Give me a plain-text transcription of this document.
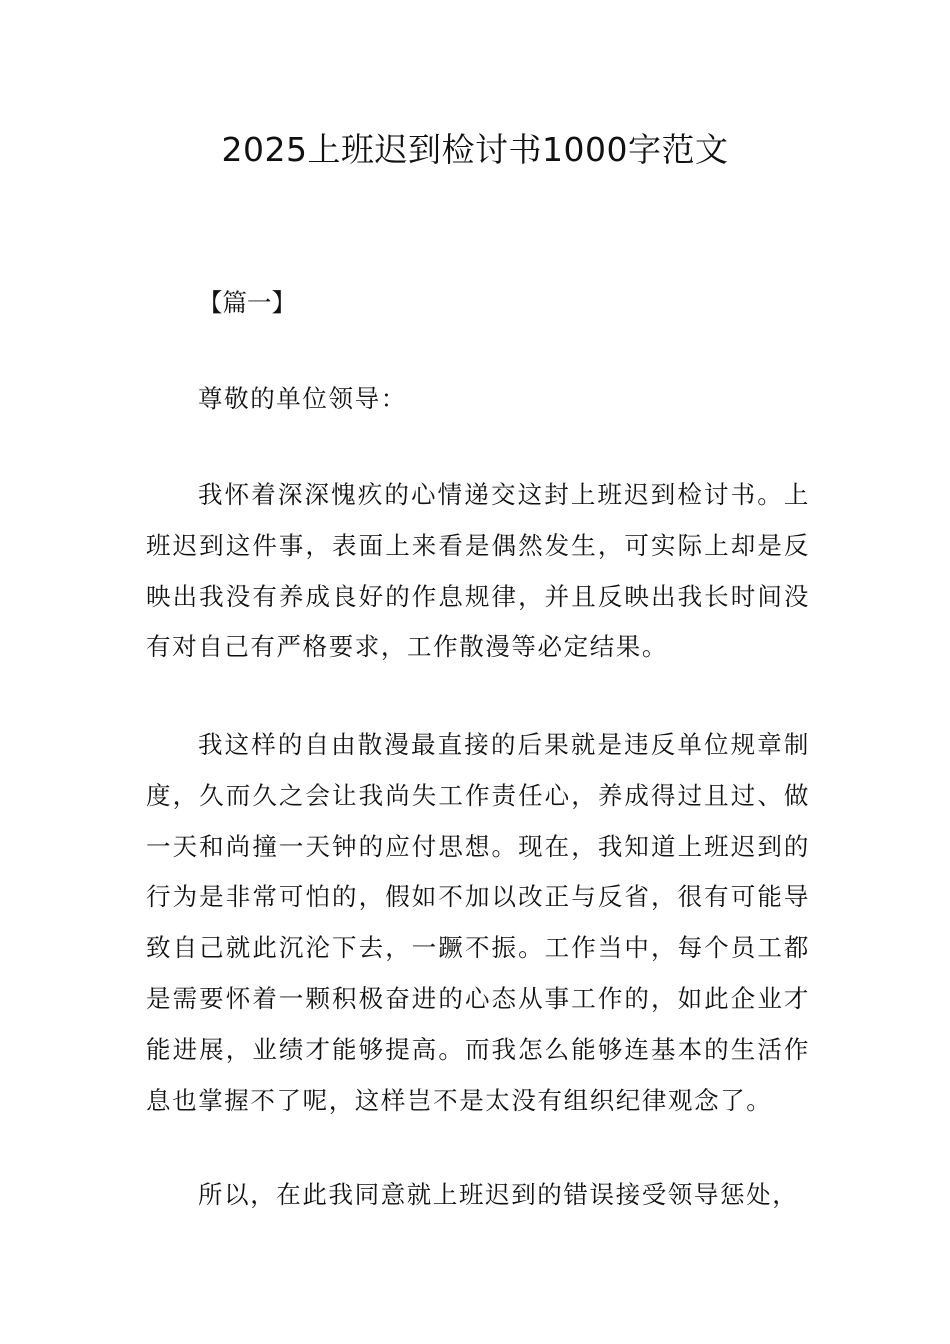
2025上班迟到检讨书1000字范文

【篇一】

尊敬的单位领导：

我怀着深深愧疚的心情递交这封上班迟到检讨书。上班迟到这件事，表面上来看是偶然发生，可实际上却是反映出我没有养成良好的作息规律，并且反映出我长时间没有对自己有严格要求，工作散漫等必定结果。

我这样的自由散漫最直接的后果就是违反单位规章制度，久而久之会让我尚失工作责任心，养成得过且过、做一天和尚撞一天钟的应付思想。现在，我知道上班迟到的行为是非常可怕的，假如不加以改正与反省，很有可能导致自己就此沉沦下去，一蹶不振。工作当中，每个员工都是需要怀着一颗积极奋进的心态从事工作的，如此企业才能进展，业绩才能够提高。而我怎么能够连基本的生活作息也掌握不了呢，这样岂不是太没有组织纪律观念了。

所以，在此我同意就上班迟到的错误接受领导惩处，
